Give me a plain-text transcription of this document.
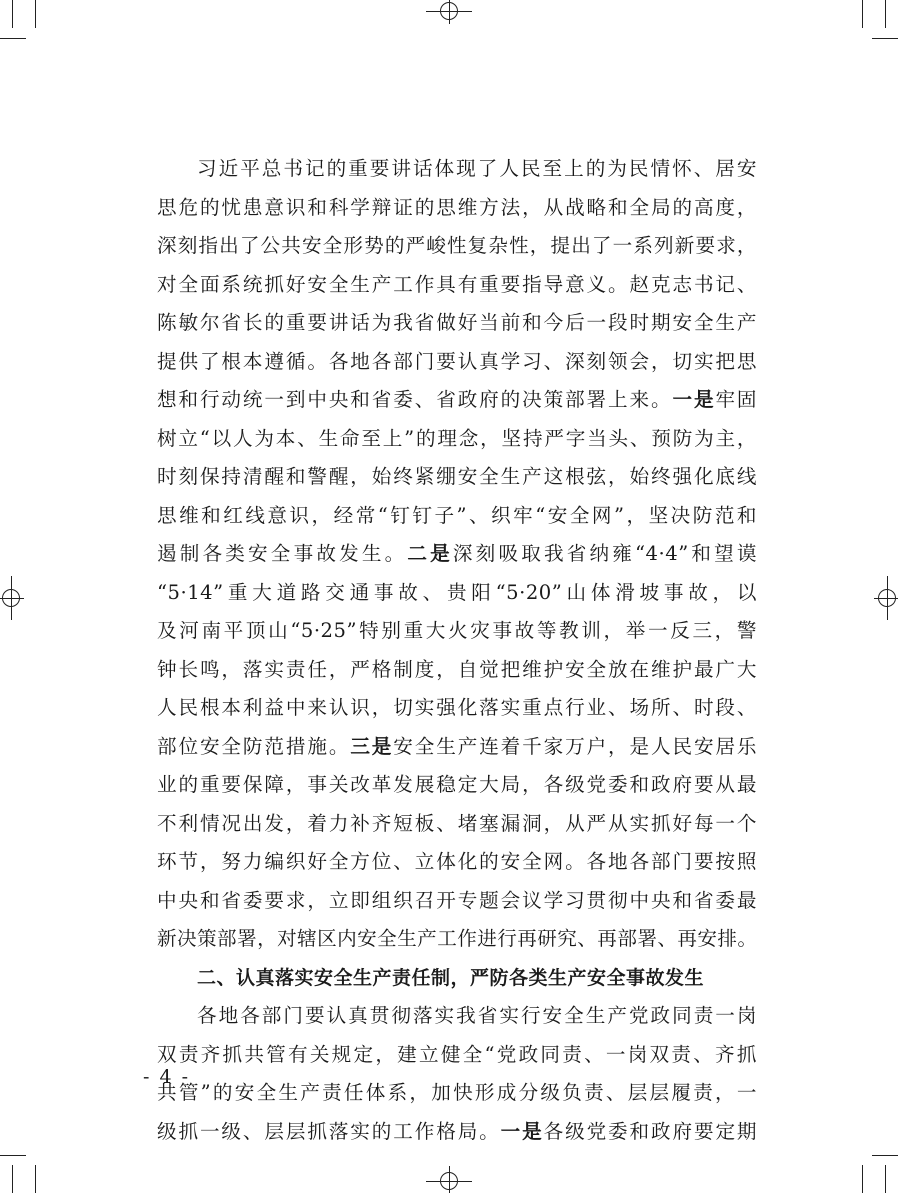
习近平总书记的重要讲话体现了人民至上的为民情怀、居安
思危的忧患意识和科学辩证的思维方法，从战略和全局的高度，
深刻指出了公共安全形势的严峻性复杂性，提出了一系列新要求，
对全面系统抓好安全生产工作具有重要指导意义。赵克志书记、
陈敏尔省长的重要讲话为我省做好当前和今后一段时期安全生产
提供了根本遵循。各地各部门要认真学习、深刻领会，切实把思
想和行动统一到中央和省委、省政府的决策部署上来。一是牢固
树立“以人为本、生命至上”的理念，坚持严字当头、预防为主，
时刻保持清醒和警醒，始终紧绷安全生产这根弦，始终强化底线
思维和红线意识，经常“钉钉子”、织牢“安全网”，坚决防范和
遏制各类安全事故发生。二是深刻吸取我省纳雍“4·4”和望谟
“5·14”重大道路交通事故、贵阳“5·20”山体滑坡事故，以
及河南平顶山“5·25”特别重大火灾事故等教训，举一反三，警
钟长鸣，落实责任，严格制度，自觉把维护安全放在维护最广大
人民根本利益中来认识，切实强化落实重点行业、场所、时段、
部位安全防范措施。三是安全生产连着千家万户，是人民安居乐
业的重要保障，事关改革发展稳定大局，各级党委和政府要从最
不利情况出发，着力补齐短板、堵塞漏洞，从严从实抓好每一个
环节，努力编织好全方位、立体化的安全网。各地各部门要按照
中央和省委要求，立即组织召开专题会议学习贯彻中央和省委最
新决策部署，对辖区内安全生产工作进行再研究、再部署、再安排。
二、认真落实安全生产责任制，严防各类生产安全事故发生
各地各部门要认真贯彻落实我省实行安全生产党政同责一岗
双责齐抓共管有关规定，建立健全“党政同责、一岗双责、齐抓
共管”的安全生产责任体系，加快形成分级负责、层层履责，一
级抓一级、层层抓落实的工作格局。一是各级党委和政府要定期
- 4 -
